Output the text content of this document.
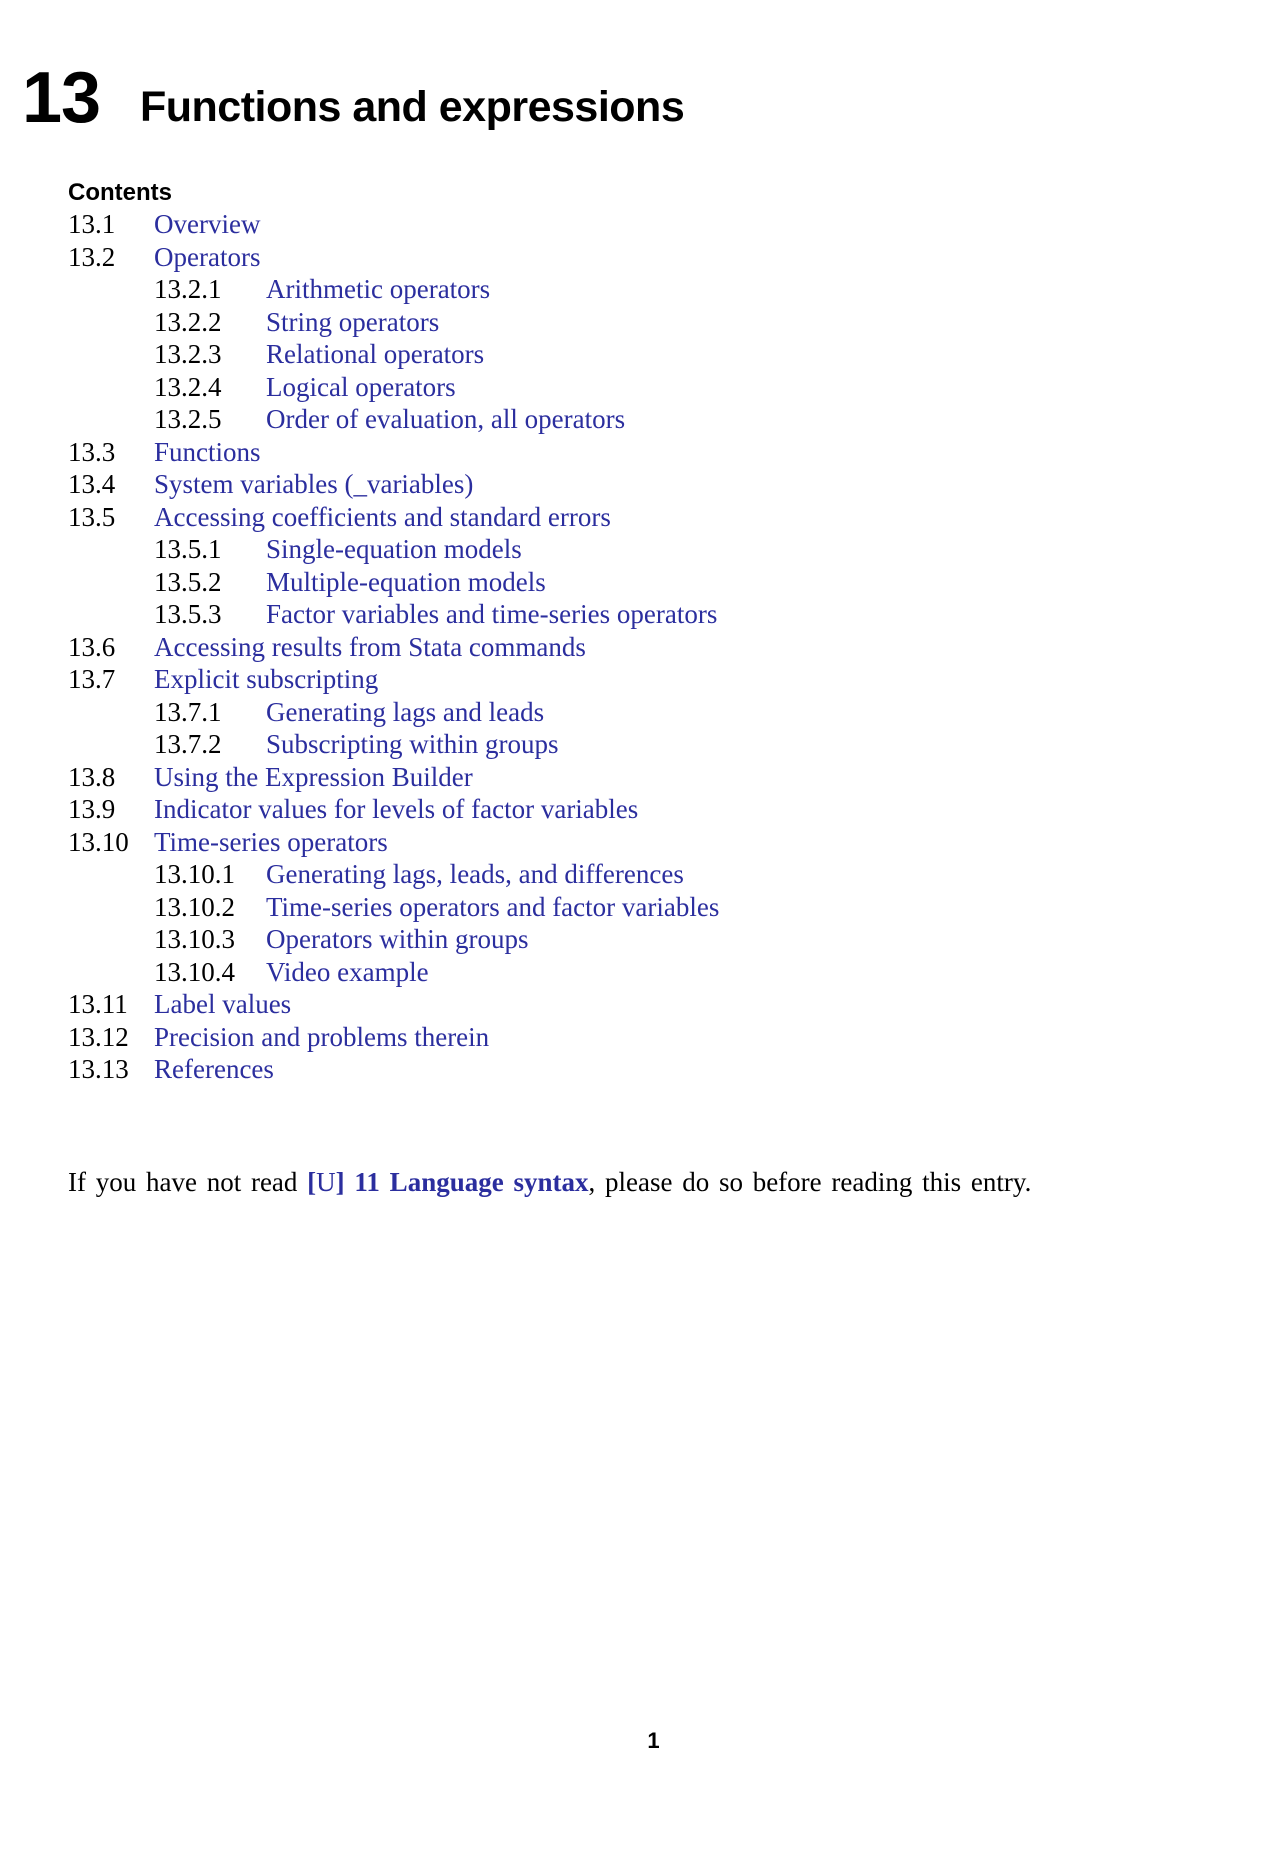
13 Functions and expressions
Contents
13.1 Overview
13.2 Operators
13.2.1 Arithmetic operators
13.2.2 String operators
13.2.3 Relational operators
13.2.4 Logical operators
13.2.5 Order of evaluation, all operators
13.3 Functions
13.4 System variables (_variables)
13.5 Accessing coefficients and standard errors
13.5.1 Single-equation models
13.5.2 Multiple-equation models
13.5.3 Factor variables and time-series operators
13.6 Accessing results from Stata commands
13.7 Explicit subscripting
13.7.1 Generating lags and leads
13.7.2 Subscripting within groups
13.8 Using the Expression Builder
13.9 Indicator values for levels of factor variables
13.10 Time-series operators
13.10.1 Generating lags, leads, and differences
13.10.2 Time-series operators and factor variables
13.10.3 Operators within groups
13.10.4 Video example
13.11 Label values
13.12 Precision and problems therein
13.13 References

If you have not read [U] 11 Language syntax, please do so before reading this entry.

1
